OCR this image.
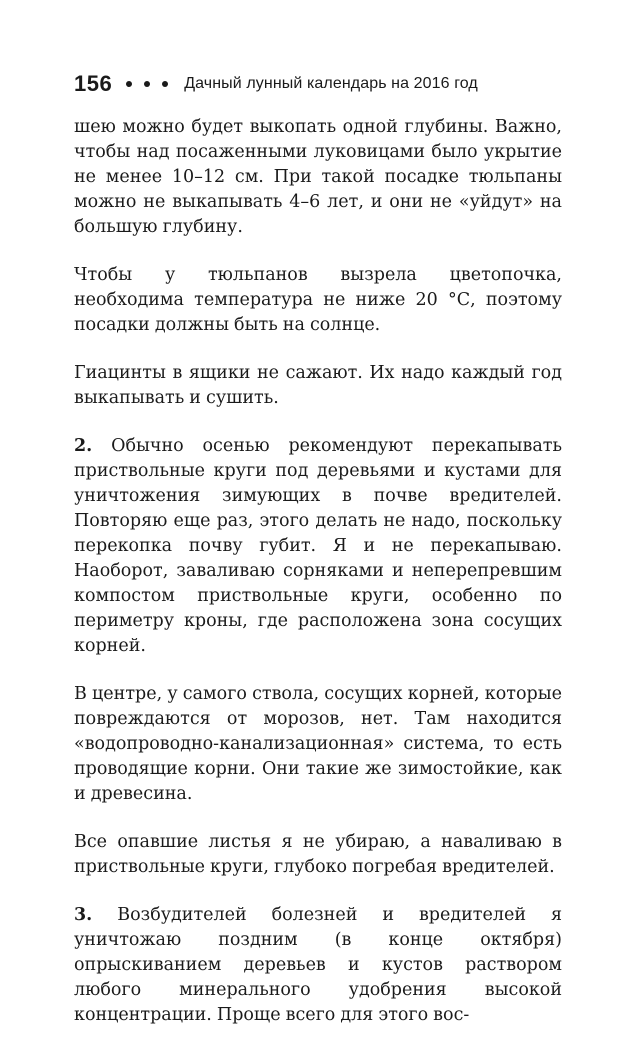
156	Дачный лунный календарь на 2016 год

шею можно будет выкопать одной глубины. Важно, чтобы над посаженными луковицами было укрытие не менее 10–12 см. При такой посадке тюльпаны можно не выкапывать 4–6 лет, и они не «уйдут» на большую глубину.

Чтобы у тюльпанов вызрела цветопочка, необходима температура не ниже 20 °С, поэтому посадки должны быть на солнце.

Гиацинты в ящики не сажают. Их надо каждый год выкапывать и сушить.

2. Обычно осенью рекомендуют перекапывать приствольные круги под деревьями и кустами для уничтожения зимующих в почве вредителей. Повторяю еще раз, этого делать не надо, поскольку перекопка почву губит. Я и не перекапываю. Наоборот, заваливаю сорняками и неперепревшим компостом приствольные круги, особенно по периметру кроны, где расположена зона сосущих корней.

В центре, у самого ствола, сосущих корней, которые повреждаются от морозов, нет. Там находится «водопроводно-канализационная» система, то есть проводящие корни. Они такие же зимостойкие, как и древесина.

Все опавшие листья я не убираю, а наваливаю в приствольные круги, глубоко погребая вредителей.

3. Возбудителей болезней и вредителей я уничтожаю поздним (в конце октября) опрыскиванием деревьев и кустов раствором любого минерального удобрения высокой концентрации. Проще всего для этого вос-
